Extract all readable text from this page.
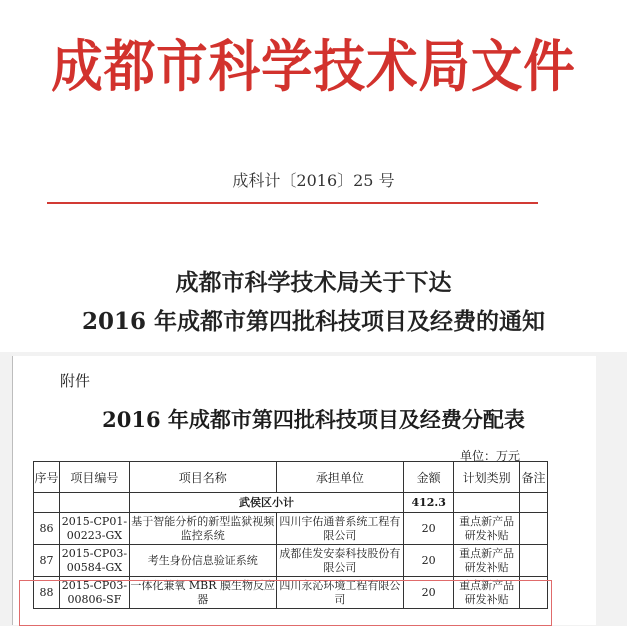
成都市科学技术局文件
成科计〔2016〕25 号
成都市科学技术局关于下达
2016 年成都市第四批科技项目及经费的通知
附件
2016 年成都市第四批科技项目及经费分配表
单位：万元
序号	项目编号	项目名称	承担单位	金额	计划类别	备注
		武侯区小计		412.3		
86	2015-CP01-00223-GX	基于智能分析的新型监狱视频监控系统	四川宇佑通普系统工程有限公司	20	重点新产品研发补贴	
87	2015-CP03-00584-GX	考生身份信息验证系统	成都佳发安泰科技股份有限公司	20	重点新产品研发补贴	
88	2015-CP03-00806-SF	一体化兼氧 MBR 膜生物反应器	四川永沁环境工程有限公司	20	重点新产品研发补贴	
